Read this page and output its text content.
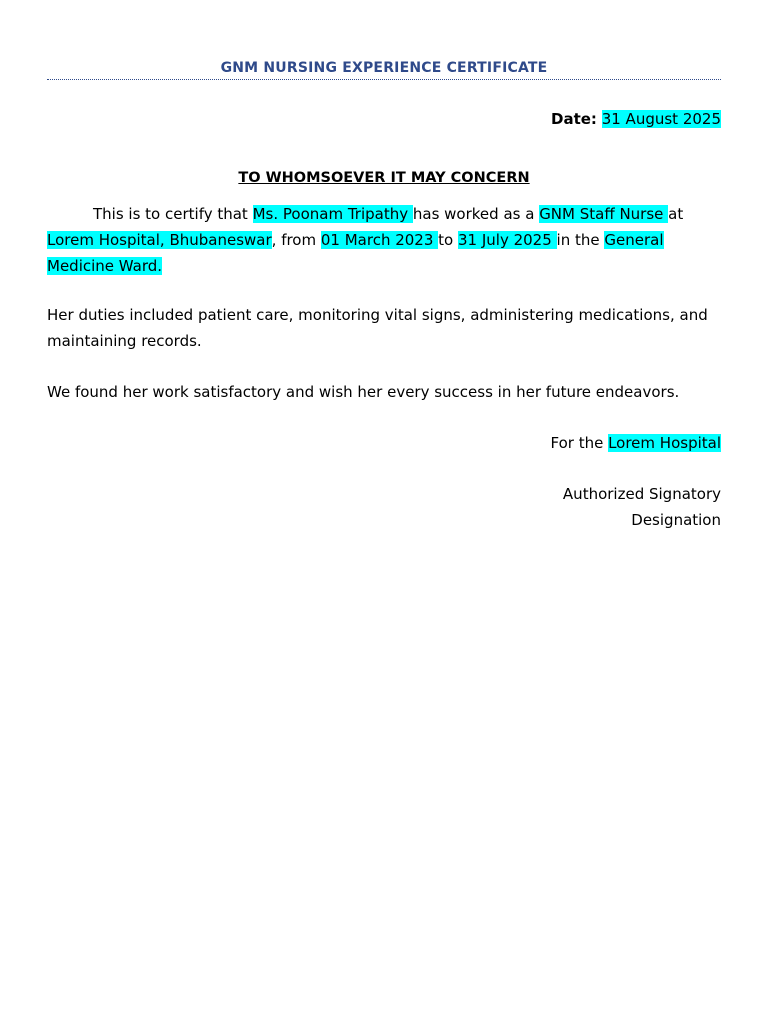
GNM NURSING EXPERIENCE CERTIFICATE
Date: 31 August 2025
TO WHOMSOEVER IT MAY CONCERN
This is to certify that Ms. Poonam Tripathy has worked as a GNM Staff Nurse at Lorem Hospital, Bhubaneswar, from 01 March 2023 to 31 July 2025 in the General Medicine Ward.
Her duties included patient care, monitoring vital signs, administering medications, and maintaining records.
We found her work satisfactory and wish her every success in her future endeavors.
For the Lorem Hospital
Authorized Signatory
Designation
